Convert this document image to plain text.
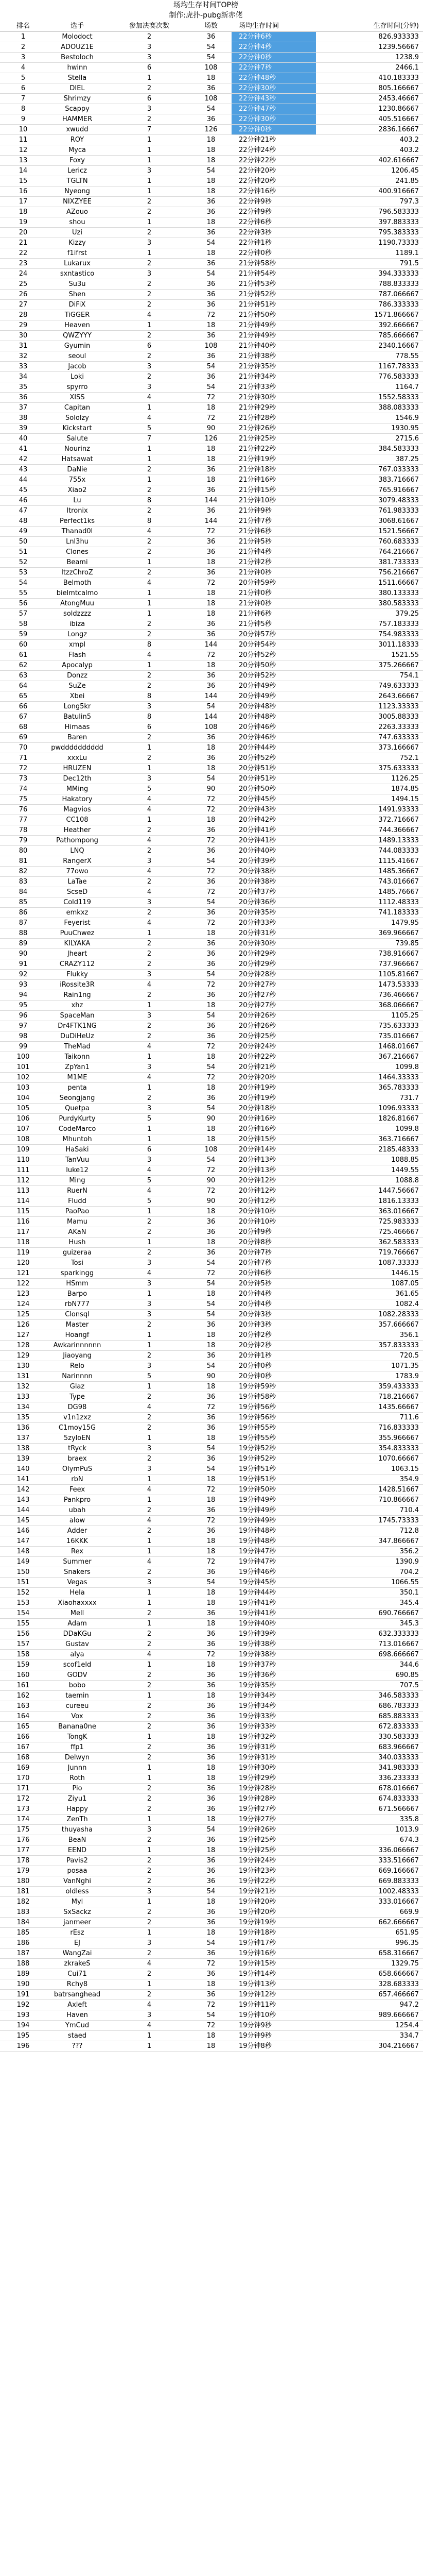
场均生存时间TOP榜
制作:虎扑-pubg新赤佬
排名	选手	参加决赛次数	场数	场均生存时间	生存时间(分钟)
1	Molodoct	2	36	22分钟6秒	826.933333
2	ADOUZ1E	3	54	22分钟4秒	1239.56667
3	Bestoloch	3	54	22分钟0秒	1238.9
4	hwinn	6	108	22分钟7秒	2466.1
5	Stella	1	18	22分钟48秒	410.183333
6	DIEL	2	36	22分钟30秒	805.166667
7	Shrimzy	6	108	22分钟43秒	2453.46667
8	Scappy	3	54	22分钟47秒	1230.86667
9	HAMMER	2	36	22分钟30秒	405.516667
10	xwudd	7	126	22分钟0秒	2836.16667
11	ROY	1	18	22分钟21秒	403.2
12	Myca	1	18	22分钟24秒	403.2
13	Foxy	1	18	22分钟22秒	402.616667
14	Lericz	3	54	22分钟20秒	1206.45
15	TGLTN	1	18	22分钟20秒	241.85
16	Nyeong	1	18	22分钟16秒	400.916667
17	NIXZYEE	2	36	22分钟9秒	797.3
18	AZouo	2	36	22分钟9秒	796.583333
19	shou	1	18	22分钟6秒	397.883333
20	Uzi	2	36	22分钟3秒	795.383333
21	Kizzy	3	54	22分钟1秒	1190.73333
22	f1ifrst	1	18	22分钟0秒	1189.1
23	Lukarux	2	36	21分钟58秒	791.5
24	sxntastico	3	54	21分钟54秒	394.333333
25	Su3u	2	36	21分钟53秒	788.833333
26	Shen	2	36	21分钟52秒	787.066667
27	DiFiX	2	36	21分钟51秒	786.333333
28	TiGGER	4	72	21分钟50秒	1571.866667
29	Heaven	1	18	21分钟49秒	392.666667
30	QWZYYY	2	36	21分钟49秒	785.666667
31	Gyumin	6	108	21分钟40秒	2340.16667
32	seoul	2	36	21分钟38秒	778.55
33	Jacob	3	54	21分钟35秒	1167.78333
34	Loki	2	36	21分钟34秒	776.583333
35	spyrro	3	54	21分钟33秒	1164.7
36	XISS	4	72	21分钟30秒	1552.58333
37	Capitan	1	18	21分钟29秒	388.083333
38	Sololzy	4	72	21分钟28秒	1546.9
39	Kickstart	5	90	21分钟26秒	1930.95
40	Salute	7	126	21分钟25秒	2715.6
41	Nourinz	1	18	21分钟22秒	384.583333
42	Hatsawat	1	18	21分钟19秒	387.25
43	DaNie	2	36	21分钟18秒	767.033333
44	755x	1	18	21分钟16秒	383.716667
45	Xiao2	2	36	21分钟15秒	765.916667
46	Lu	8	144	21分钟10秒	3079.48333
47	Itronix	2	36	21分钟9秒	761.983333
48	Perfect1ks	8	144	21分钟7秒	3068.61667
49	Thanad0l	4	72	21分钟6秒	1521.56667
50	Lnl3hu	2	36	21分钟5秒	760.683333
51	Clones	2	36	21分钟4秒	764.216667
52	Beami	1	18	21分钟2秒	381.733333
53	ltzzChroZ	2	36	21分钟0秒	756.216667
54	Belmoth	4	72	20分钟59秒	1511.66667
55	bielmtcalmo	1	18	21分钟0秒	380.133333
56	AtongMuu	1	18	21分钟0秒	380.583333
57	soldzzzz	1	18	21分钟6秒	379.25
58	ibiza	2	36	21分钟5秒	757.183333
59	Longz	2	36	20分钟57秒	754.983333
60	xmpl	8	144	20分钟54秒	3011.18333
61	Flash	4	72	20分钟52秒	1521.55
62	Apocalyp	1	18	20分钟50秒	375.266667
63	Donzz	2	36	20分钟52秒	754.1
64	SuZe	2	36	20分钟49秒	749.633333
65	Xbei	8	144	20分钟49秒	2643.66667
66	Long5kr	3	54	20分钟48秒	1123.33333
67	Batulin5	8	144	20分钟48秒	3005.88333
68	Himaas	6	108	20分钟46秒	2263.33333
69	Baren	2	36	20分钟46秒	747.633333
70	pwdddddddddd	1	18	20分钟44秒	373.166667
71	xxxLu	2	36	20分钟52秒	752.1
72	HRUZEN	1	18	20分钟51秒	375.633333
73	Dec12th	3	54	20分钟51秒	1126.25
74	MMing	5	90	20分钟50秒	1874.85
75	Hakatory	4	72	20分钟45秒	1494.15
76	Magvios	4	72	20分钟43秒	1491.93333
77	CC108	1	18	20分钟42秒	372.716667
78	Heather	2	36	20分钟41秒	744.366667
79	Pathompong	4	72	20分钟41秒	1489.13333
80	LNQ	2	36	20分钟40秒	744.083333
81	RangerX	3	54	20分钟39秒	1115.41667
82	77owo	4	72	20分钟38秒	1485.36667
83	LaTae	2	36	20分钟38秒	743.016667
84	ScseD	4	72	20分钟37秒	1485.76667
85	Cold119	3	54	20分钟36秒	1112.48333
86	emkxz	2	36	20分钟35秒	741.183333
87	Feyerist	4	72	20分钟33秒	1479.95
88	PuuChwez	1	18	20分钟31秒	369.966667
89	KILYAKA	2	36	20分钟30秒	739.85
90	Jheart	2	36	20分钟29秒	738.916667
91	CRAZY112	2	36	20分钟29秒	737.966667
92	Flukky	3	54	20分钟28秒	1105.81667
93	iRossite3R	4	72	20分钟27秒	1473.53333
94	Rain1ng	2	36	20分钟27秒	736.466667
95	xhz	1	18	20分钟27秒	368.066667
96	SpaceMan	3	54	20分钟26秒	1105.25
97	Dr4FTK1NG	2	36	20分钟26秒	735.633333
98	DuDiHeUz	2	36	20分钟25秒	735.016667
99	TheMad	4	72	20分钟24秒	1468.01667
100	Taikonn	1	18	20分钟22秒	367.216667
101	ZpYan1	3	54	20分钟21秒	1099.8
102	M1ME	4	72	20分钟20秒	1464.33333
103	penta	1	18	20分钟19秒	365.783333
104	Seongjang	2	36	20分钟19秒	731.7
105	Quetpa	3	54	20分钟18秒	1096.93333
106	PurdyKurty	5	90	20分钟16秒	1826.81667
107	CodeMarco	1	18	20分钟16秒	1099.8
108	Mhuntoh	1	18	20分钟15秒	363.716667
109	HaSaki	6	108	20分钟14秒	2185.48333
110	TanVuu	3	54	20分钟13秒	1088.85
111	luke12	4	72	20分钟13秒	1449.55
112	Ming	5	90	20分钟12秒	1088.8
113	RuerN	4	72	20分钟12秒	1447.56667
114	Fludd	5	90	20分钟12秒	1816.13333
115	PaoPao	1	18	20分钟10秒	363.016667
116	Mamu	2	36	20分钟10秒	725.983333
117	AKaN	2	36	20分钟9秒	725.466667
118	Hush	1	18	20分钟8秒	362.583333
119	guizeraa	2	36	20分钟7秒	719.766667
120	Tosi	3	54	20分钟7秒	1087.33333
121	sparkingg	4	72	20分钟6秒	1446.15
122	HSmm	3	54	20分钟5秒	1087.05
123	Barpo	1	18	20分钟4秒	361.65
124	rbN777	3	54	20分钟4秒	1082.4
125	Clonsql	3	54	20分钟3秒	1082.28333
126	Master	2	36	20分钟3秒	357.666667
127	Hoangf	1	18	20分钟2秒	356.1
128	Awkarinnnnnn	1	18	20分钟2秒	357.833333
129	Jiaoyang	2	36	20分钟1秒	720.5
130	Relo	3	54	20分钟0秒	1071.35
131	Narinnnn	5	90	20分钟0秒	1783.9
132	Glaz	1	18	19分钟59秒	359.433333
133	Type	2	36	19分钟58秒	718.216667
134	DG98	4	72	19分钟56秒	1435.66667
135	v1n1zxz	2	36	19分钟56秒	711.6
136	C1moy15G	2	36	19分钟55秒	716.833333
137	5zyloEN	1	18	19分钟55秒	355.966667
138	tRyck	3	54	19分钟52秒	354.833333
139	braex	2	36	19分钟52秒	1070.66667
140	OlymPuS	3	54	19分钟51秒	1063.15
141	rbN	1	18	19分钟51秒	354.9
142	Feex	4	72	19分钟50秒	1428.51667
143	Pankpro	1	18	19分钟49秒	710.866667
144	ubah	2	36	19分钟49秒	710.4
145	alow	4	72	19分钟49秒	1745.73333
146	Adder	2	36	19分钟48秒	712.8
147	16KKK	1	18	19分钟48秒	347.866667
148	Rex	1	18	19分钟47秒	356.2
149	Summer	4	72	19分钟47秒	1390.9
150	Snakers	2	36	19分钟46秒	704.2
151	Vegas	3	54	19分钟45秒	1066.55
152	Hela	1	18	19分钟44秒	350.1
153	Xiaohaxxxx	1	18	19分钟41秒	345.4
154	Mell	2	36	19分钟41秒	690.766667
155	Adam	1	18	19分钟40秒	345.3
156	DDaKGu	2	36	19分钟39秒	632.333333
157	Gustav	2	36	19分钟38秒	713.016667
158	alya	4	72	19分钟38秒	698.666667
159	scof1eld	1	18	19分钟37秒	344.6
160	GODV	2	36	19分钟36秒	690.85
161	bobo	2	36	19分钟35秒	707.5
162	taemin	1	18	19分钟34秒	346.583333
163	cureeu	2	36	19分钟34秒	686.783333
164	Vox	2	36	19分钟33秒	685.883333
165	Banana0ne	2	36	19分钟33秒	672.833333
166	TongK	1	18	19分钟32秒	330.583333
167	ffp1	2	36	19分钟31秒	683.966667
168	Delwyn	2	36	19分钟31秒	340.033333
169	Junnn	1	18	19分钟30秒	341.983333
170	Roth	1	18	19分钟29秒	336.233333
171	Pio	2	36	19分钟28秒	678.016667
172	Ziyu1	2	36	19分钟28秒	674.833333
173	Happy	2	36	19分钟27秒	671.566667
174	ZenTh	1	18	19分钟27秒	335.8
175	thuyasha	3	54	19分钟26秒	1013.9
176	BeaN	2	36	19分钟25秒	674.3
177	EEND	1	18	19分钟25秒	336.066667
178	Pavis2	2	36	19分钟24秒	333.516667
179	posaa	2	36	19分钟23秒	669.166667
180	VanNghi	2	36	19分钟22秒	669.883333
181	oldless	3	54	19分钟21秒	1002.48333
182	Myl	1	18	19分钟20秒	333.016667
183	SxSackz	2	36	19分钟20秒	669.9
184	janmeer	2	36	19分钟19秒	662.666667
185	rEsz	1	18	19分钟18秒	651.95
186	EJ	3	54	19分钟17秒	996.35
187	WangZai	2	36	19分钟16秒	658.316667
188	zkrakeS	4	72	19分钟15秒	1329.75
189	Cui71	2	36	19分钟14秒	658.666667
190	Rchy8	1	18	19分钟13秒	328.683333
191	batrsanghead	2	36	19分钟12秒	657.466667
192	Axleft	4	72	19分钟11秒	947.2
193	Haven	3	54	19分钟10秒	989.666667
194	YmCud	4	72	19分钟9秒	1254.4
195	staed	1	18	19分钟9秒	334.7
196	???	1	18	19分钟8秒	304.216667
